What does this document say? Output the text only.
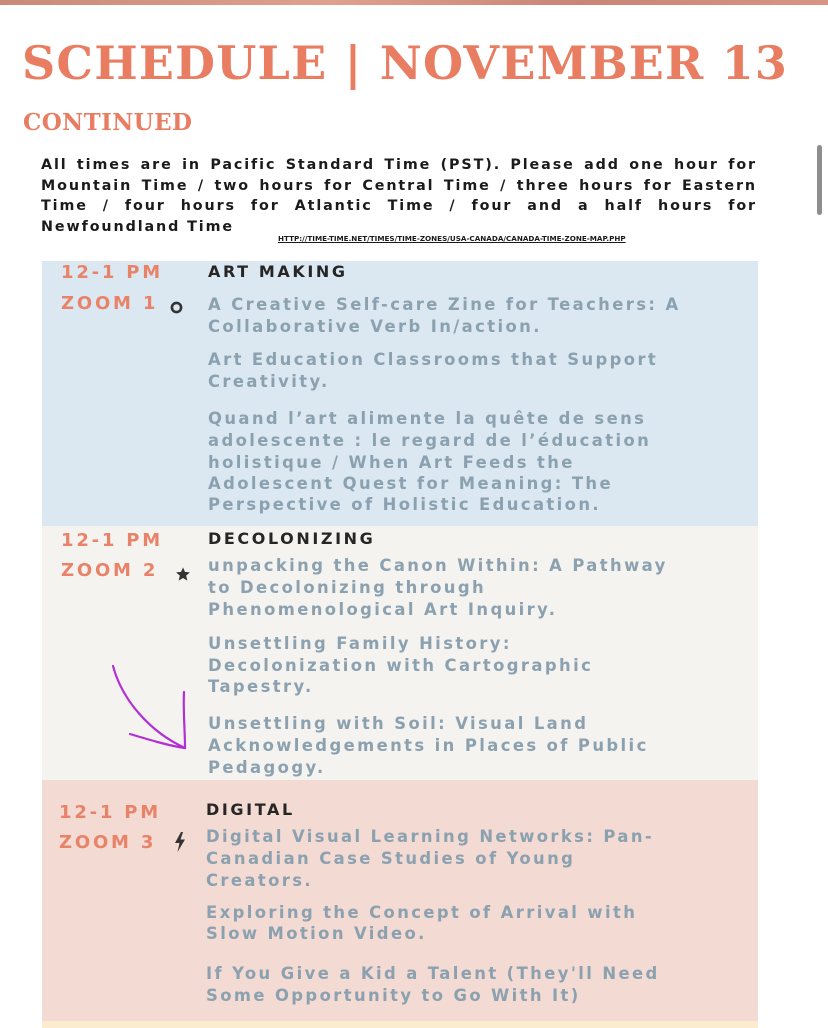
SCHEDULE | NOVEMBER 13
CONTINUED

All times are in Pacific Standard Time (PST). Please add one hour for Mountain Time / two hours for Central Time / three hours for Eastern Time / four hours for Atlantic Time / four and a half hours for Newfoundland Time

HTTP://TIME-TIME.NET/TIMES/TIME-ZONES/USA-CANADA/CANADA-TIME-ZONE-MAP.PHP

12-1 PM

ZOOM 1

ART MAKING

A Creative Self-care Zine for Teachers: A

Collaborative Verb In/action.

Art Education Classrooms that Support

Creativity.

Quand l’art alimente la quête de sens

adolescente : le regard de l’éducation

holistique / When Art Feeds the

Adolescent Quest for Meaning: The

Perspective of Holistic Education.

12-1 PM

ZOOM 2

DECOLONIZING

unpacking the Canon Within: A Pathway

to Decolonizing through

Phenomenological Art Inquiry.

Unsettling Family History:

Decolonization with Cartographic

Tapestry.

Unsettling with Soil: Visual Land

Acknowledgements in Places of Public

Pedagogy.

12-1 PM

ZOOM 3

DIGITAL

Digital Visual Learning Networks: Pan-

Canadian Case Studies of Young

Creators.

Exploring the Concept of Arrival with

Slow Motion Video.

If You Give a Kid a Talent (They'll Need

Some Opportunity to Go With It)
